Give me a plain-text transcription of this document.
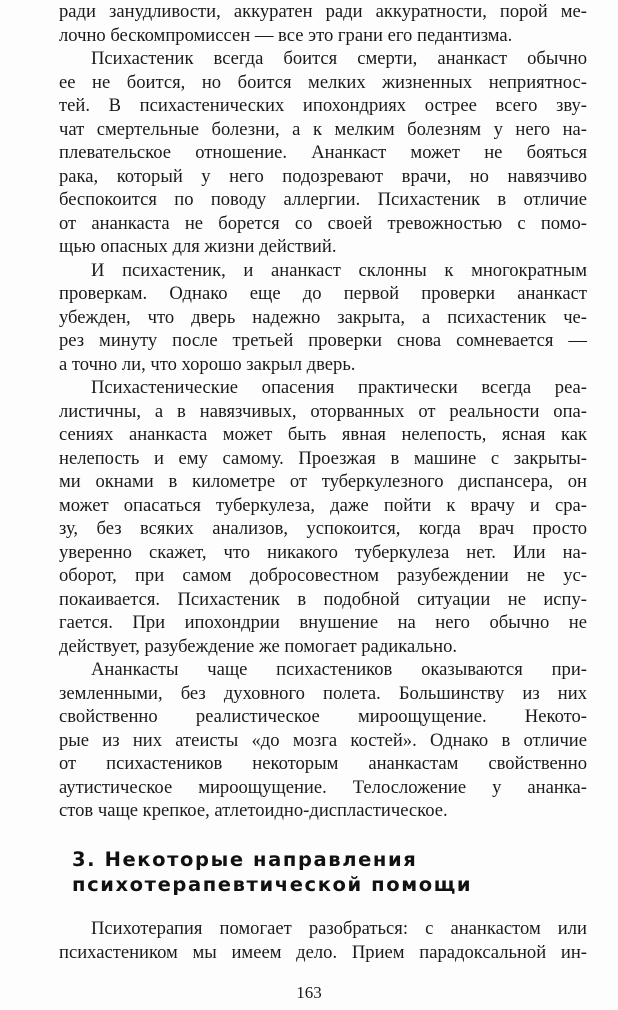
ради занудливости, аккуратен ради аккуратности, порой ме-
лочно бескомпромиссен — все это грани его педантизма.
Психастеник всегда боится смерти, ананкаст обычно
ее не боится, но боится мелких жизненных неприятнос-
тей. В психастенических ипохондриях острее всего зву-
чат смертельные болезни, а к мелким болезням у него на-
плевательское отношение. Ананкаст может не бояться
рака, который у него подозревают врачи, но навязчиво
беспокоится по поводу аллергии. Психастеник в отличие
от ананкаста не борется со своей тревожностью с помо-
щью опасных для жизни действий.
И психастеник, и ананкаст склонны к многократным
проверкам. Однако еще до первой проверки ананкаст
убежден, что дверь надежно закрыта, а психастеник че-
рез минуту после третьей проверки снова сомневается —
а точно ли, что хорошо закрыл дверь.
Психастенические опасения практически всегда реа-
листичны, а в навязчивых, оторванных от реальности опа-
сениях ананкаста может быть явная нелепость, ясная как
нелепость и ему самому. Проезжая в машине с закрыты-
ми окнами в километре от туберкулезного диспансера, он
может опасаться туберкулеза, даже пойти к врачу и сра-
зу, без всяких анализов, успокоится, когда врач просто
уверенно скажет, что никакого туберкулеза нет. Или на-
оборот, при самом добросовестном разубеждении не ус-
покаивается. Психастеник в подобной ситуации не испу-
гается. При ипохондрии внушение на него обычно не
действует, разубеждение же помогает радикально.
Ананкасты чаще психастеников оказываются при-
земленными, без духовного полета. Большинству из них
свойственно реалистическое мироощущение. Некото-
рые из них атеисты «до мозга костей». Однако в отличие
от психастеников некоторым ананкастам свойственно
аутистическое мироощущение. Телосложение у ананка-
стов чаще крепкое, атлетоидно-диспластическое.
3. Некоторые направления
психотерапевтической помощи
Психотерапия помогает разобраться: с ананкастом или
психастеником мы имеем дело. Прием парадоксальной ин-
163
